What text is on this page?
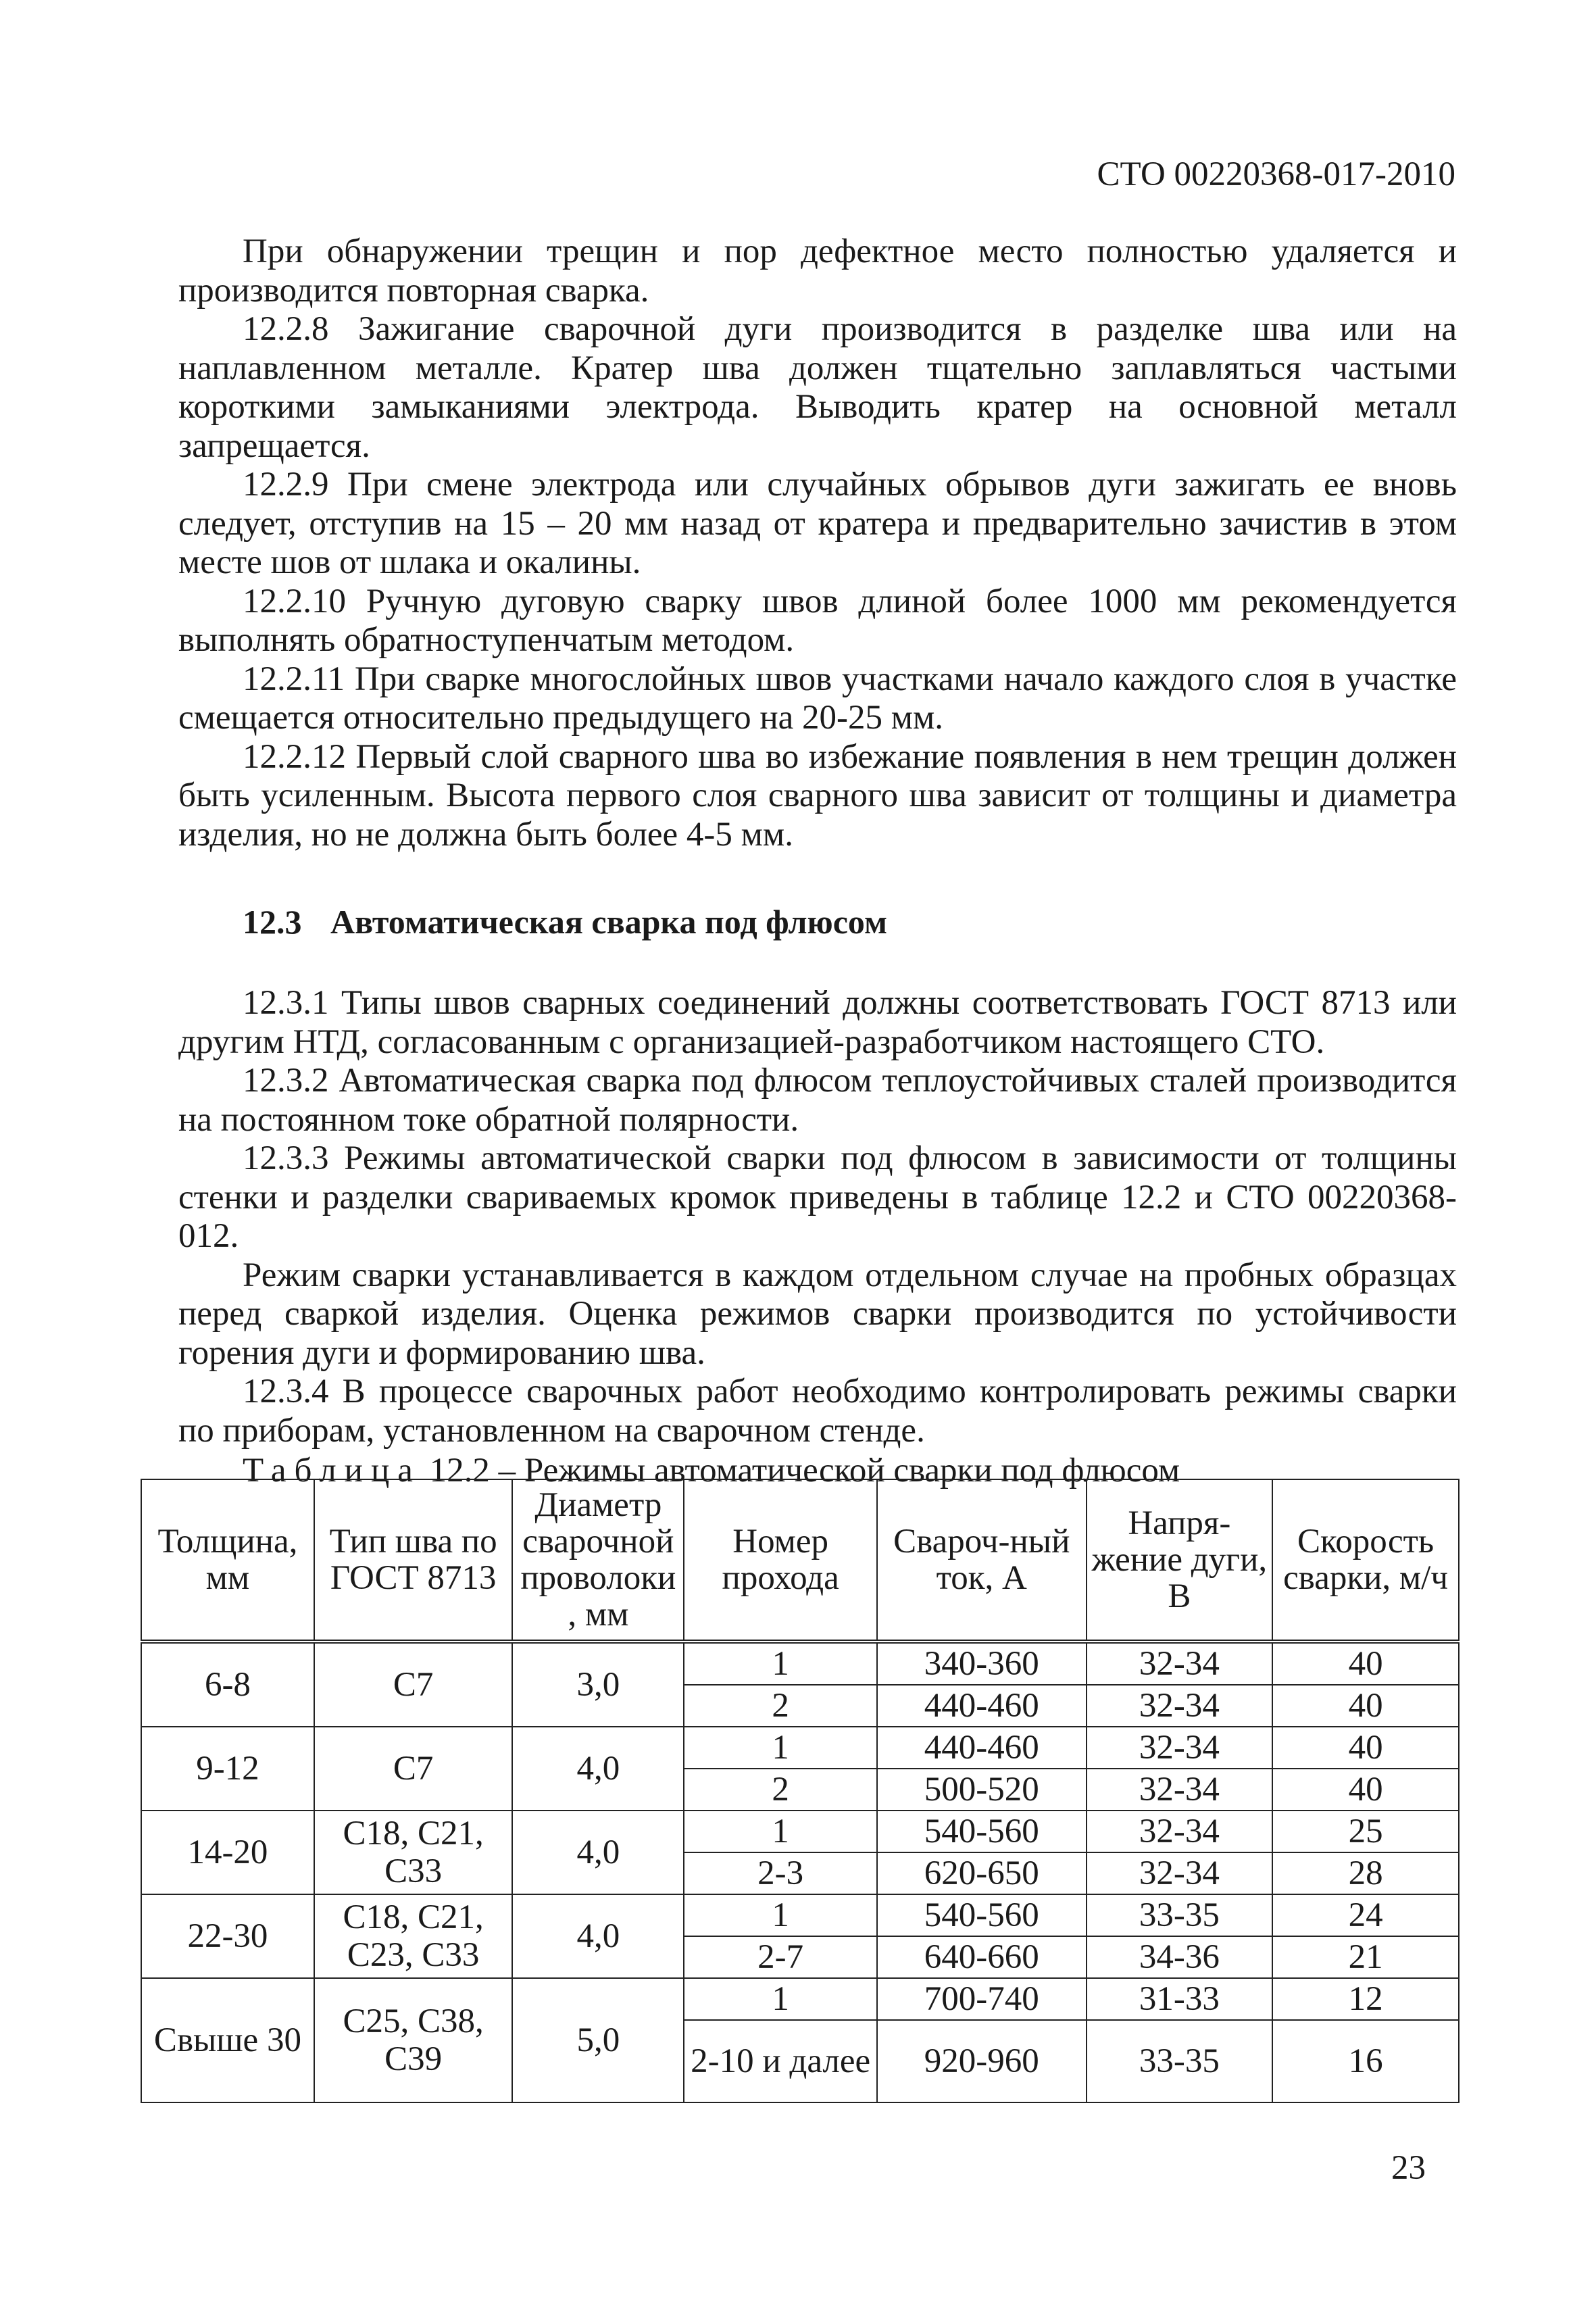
СТО 00220368-017-2010

При обнаружении трещин и пор дефектное место полностью удаляется и производится повторная сварка.

12.2.8 Зажигание сварочной дуги производится в разделке шва или на наплавленном металле. Кратер шва должен тщательно заплавляться частыми короткими замыканиями электрода. Выводить кратер на основной металл запрещается.

12.2.9 При смене электрода или случайных обрывов дуги зажигать ее вновь следует, отступив на 15 – 20 мм назад от кратера и предварительно зачистив в этом месте шов от шлака и окалины.

12.2.10 Ручную дуговую сварку швов длиной более 1000 мм рекомендуется выполнять обратноступенчатым методом.

12.2.11 При сварке многослойных швов участками начало каждого слоя в участке смещается относительно предыдущего на 20-25 мм.

12.2.12 Первый слой сварного шва во избежание появления в нем трещин должен быть усиленным. Высота первого слоя сварного шва зависит от толщины и диаметра изделия, но не должна быть более 4-5 мм.

12.3 Автоматическая сварка под флюсом

12.3.1 Типы швов сварных соединений должны соответствовать ГОСТ 8713 или другим НТД, согласованным с организацией-разработчиком настоящего СТО.

12.3.2 Автоматическая сварка под флюсом теплоустойчивых сталей производится на постоянном токе обратной полярности.

12.3.3 Режимы автоматической сварки под флюсом в зависимости от толщины стенки и разделки свариваемых кромок приведены в таблице 12.2 и СТО 00220368-012.

Режим сварки устанавливается в каждом отдельном случае на пробных образцах перед сваркой изделия. Оценка режимов сварки производится по устойчивости горения дуги и формированию шва.

12.3.4 В процессе сварочных работ необходимо контролировать режимы сварки по приборам, установленном на сварочном стенде.

Таблица 12.2 – Режимы автоматической сварки под флюсом

Толщина, мм	Тип шва по ГОСТ 8713	Диаметр сварочной проволоки , мм	Номер прохода	Свароч-ный ток, А	Напря-жение дуги, В	Скорость сварки, м/ч
6-8	С7	3,0	1	340-360	32-34	40
			2	440-460	32-34	40
9-12	С7	4,0	1	440-460	32-34	40
			2	500-520	32-34	40
14-20	С18, С21, С33	4,0	1	540-560	32-34	25
			2-3	620-650	32-34	28
22-30	С18, С21, С23, С33	4,0	1	540-560	33-35	24
			2-7	640-660	34-36	21
Свыше 30	С25, С38, С39	5,0	1	700-740	31-33	12
			2-10 и далее	920-960	33-35	16
23
